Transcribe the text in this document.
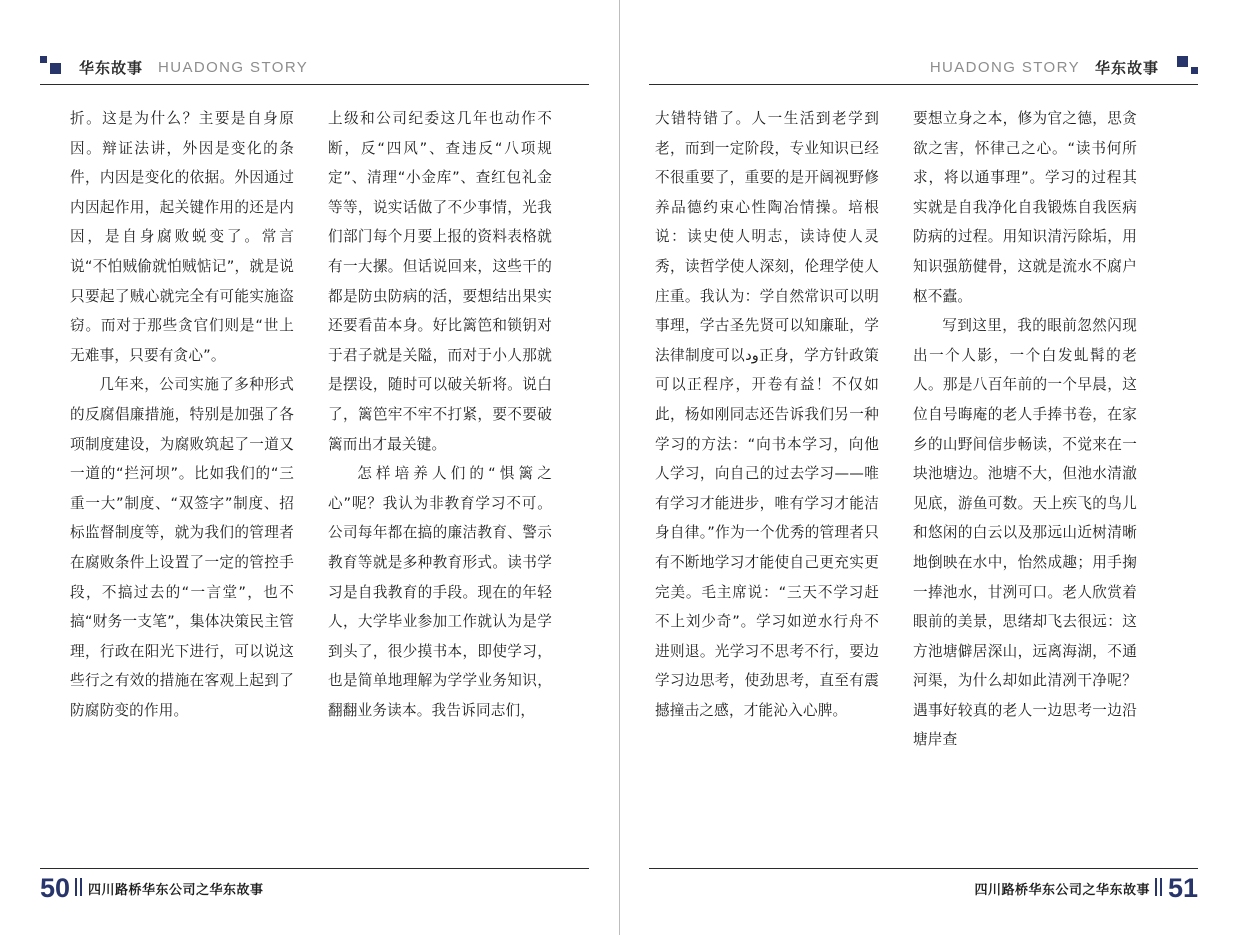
华东故事 HUADONG STORY

折。这是为什么？主要是自身原因。辩证法讲，外因是变化的条件，内因是变化的依据。外因通过内因起作用，起关键作用的还是内因，是自身腐败蜕变了。常言说“不怕贼偷就怕贼惦记”，就是说只要起了贼心就完全有可能实施盗窃。而对于那些贪官们则是“世上无难事，只要有贪心”。

几年来，公司实施了多种形式的反腐倡廉措施，特别是加强了各项制度建设，为腐败筑起了一道又一道的“拦河坝”。比如我们的“三重一大”制度、“双签字”制度、招标监督制度等，就为我们的管理者在腐败条件上设置了一定的管控手段，不搞过去的“一言堂”，也不搞“财务一支笔”，集体决策民主管理，行政在阳光下进行，可以说这些行之有效的措施在客观上起到了防腐防变的作用。

上级和公司纪委这几年也动作不断，反“四风”、查违反“八项规定”、清理“小金库”、查红包礼金等等，说实话做了不少事情，光我们部门每个月要上报的资料表格就有一大摞。但话说回来，这些干的都是防虫防病的活，要想结出果实还要看苗本身。好比篱笆和锁钥对于君子就是关隘，而对于小人那就是摆设，随时可以破关斩将。说白了，篱笆牢不牢不打紧，要不要破篱而出才最关键。

怎样培养人们的“惧篱之心”呢？我认为非教育学习不可。公司每年都在搞的廉洁教育、警示教育等就是多种教育形式。读书学习是自我教育的手段。现在的年轻人，大学毕业参加工作就认为是学到头了，很少摸书本，即使学习，也是简单地理解为学学业务知识，翻翻业务读本。我告诉同志们，

50 四川路桥华东公司之华东故事
HUADONG STORY 华东故事

大错特错了。人一生活到老学到老，而到一定阶段，专业知识已经不很重要了，重要的是开阔视野修养品德约束心性陶冶情操。培根说：读史使人明志，读诗使人灵秀，读哲学使人深刻，伦理学使人庄重。我认为：学自然常识可以明事理，学古圣先贤可以知廉耻，学法律制度可以ود正身，学方针政策可以正程序，开卷有益！不仅如此，杨如刚同志还告诉我们另一种学习的方法：“向书本学习，向他人学习，向自己的过去学习——唯有学习才能进步，唯有学习才能洁身自律。”作为一个优秀的管理者只有不断地学习才能使自己更充实更完美。毛主席说：“三天不学习赶不上刘少奇”。学习如逆水行舟不进则退。光学习不思考不行，要边学习边思考，使劲思考，直至有震撼撞击之感，才能沁入心脾。

要想立身之本，修为官之德，思贪欲之害，怀律己之心。“读书何所求，将以通事理”。学习的过程其实就是自我净化自我锻炼自我医病防病的过程。用知识清污除垢，用知识强筋健骨，这就是流水不腐户枢不蠹。

写到这里，我的眼前忽然闪现出一个人影，一个白发虬髯的老人。那是八百年前的一个早晨，这位自号晦庵的老人手捧书卷，在家乡的山野间信步畅读，不觉来在一块池塘边。池塘不大，但池水清澈见底，游鱼可数。天上疾飞的鸟儿和悠闲的白云以及那远山近树清晰地倒映在水中，怡然成趣；用手掬一捧池水，甘洌可口。老人欣赏着眼前的美景，思绪却飞去很远：这方池塘僻居深山，远离海湖，不通河渠，为什么却如此清冽干净呢？遇事好较真的老人一边思考一边沿塘岸查

四川路桥华东公司之华东故事 51
